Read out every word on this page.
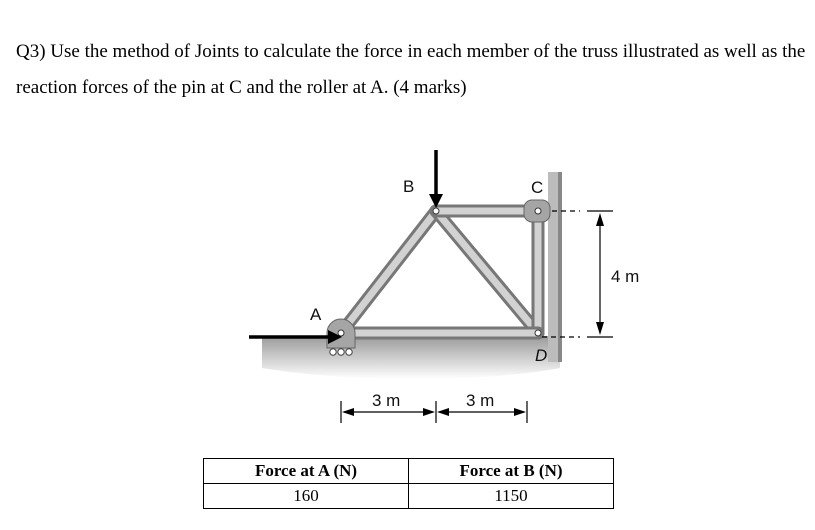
Q3) Use the method of Joints to calculate the force in each member of the truss illustrated as well as the reaction forces of the pin at C and the roller at A. (4 marks)

A
B	C
D
4 m
3 m	3 m
Force at A (N)	Force at B (N)
160	1150
